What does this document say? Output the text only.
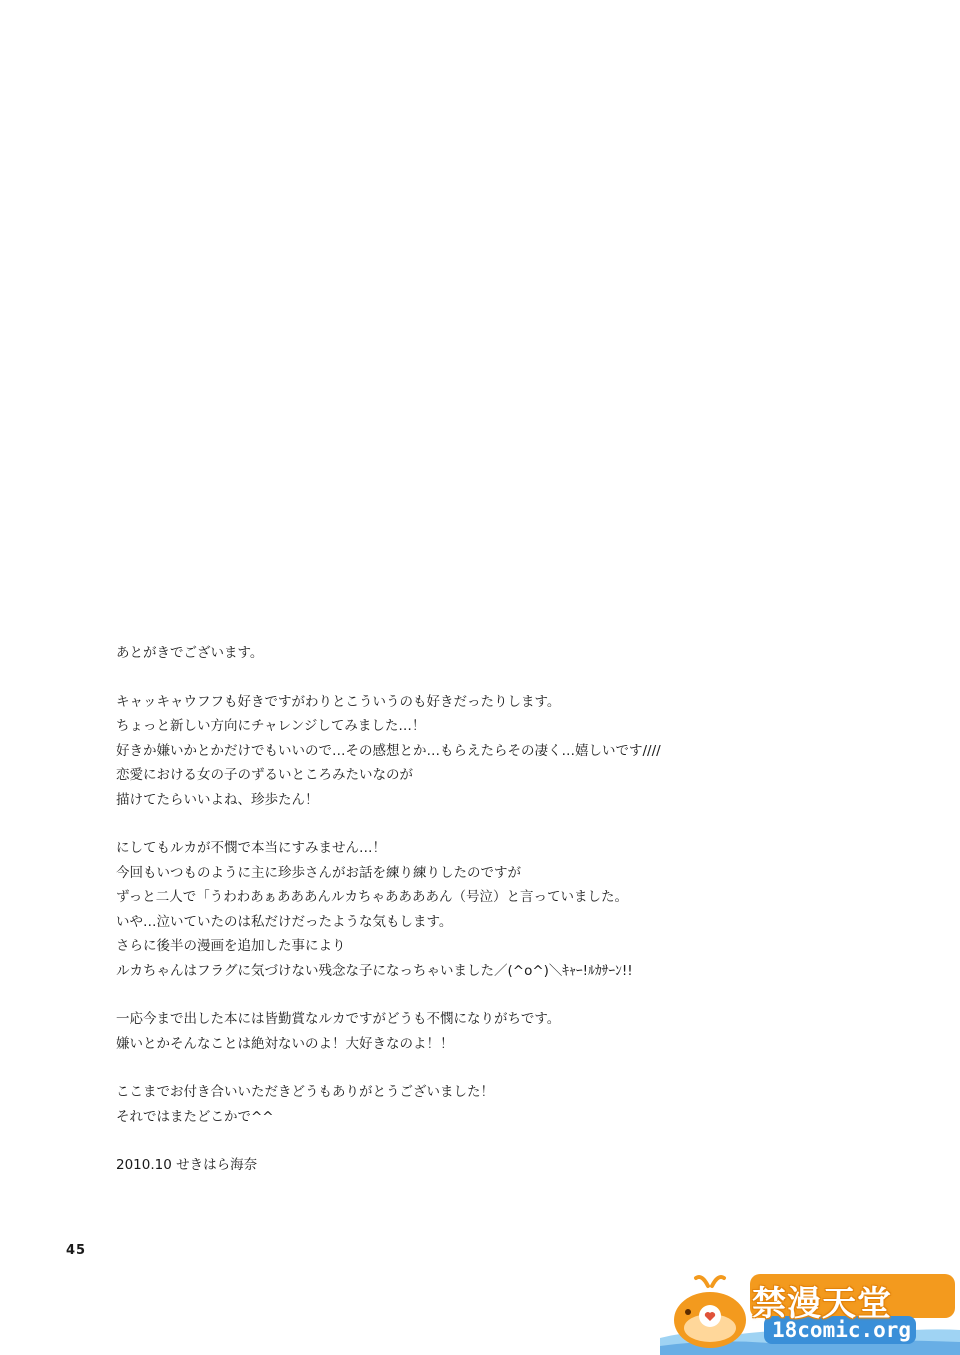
あとがきでございます。
キャッキャウフフも好きですがわりとこういうのも好きだったりします。
ちょっと新しい方向にチャレンジしてみました…！
好きか嫌いかとかだけでもいいので…その感想とか…もらえたらその凄く…嬉しいです////
恋愛における女の子のずるいところみたいなのが
描けてたらいいよね、珍歩たん！
にしてもルカが不憫で本当にすみません…！
今回もいつものように主に珍歩さんがお話を練り練りしたのですが
ずっと二人で「うわわあぁあああんルカちゃああああん（号泣）と言っていました。
いや…泣いていたのは私だけだったような気もします。
さらに後半の漫画を追加した事により
ルカちゃんはフラグに気づけない残念な子になっちゃいました／(^o^)＼ｷｬｰ!ﾙｶｻｰﾝ!!
一応今まで出した本には皆勤賞なルカですがどうも不憫になりがちです。
嫌いとかそんなことは絶対ないのよ！大好きなのよ！！
ここまでお付き合いいただきどうもありがとうございました！
それではまたどこかで^^
2010.10 せきはら海奈
45
禁漫天堂
18comic.org
